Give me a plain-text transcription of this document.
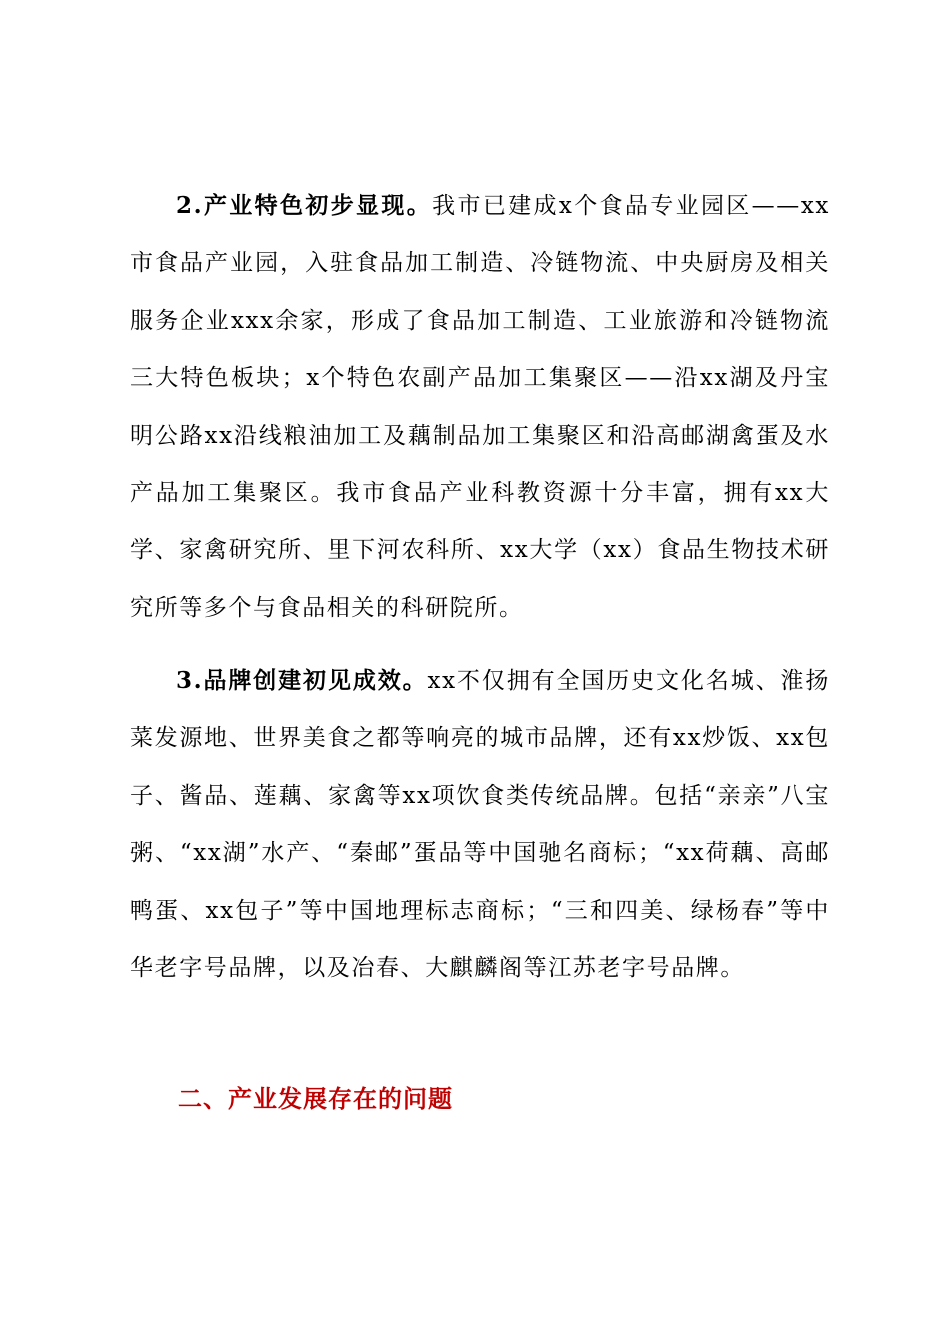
2.产业特色初步显现。我市已建成x个食品专业园区——xx市食品产业园，入驻食品加工制造、冷链物流、中央厨房及相关服务企业xxx余家，形成了食品加工制造、工业旅游和冷链物流三大特色板块；x个特色农副产品加工集聚区——沿xx湖及丹宝明公路xx沿线粮油加工及藕制品加工集聚区和沿高邮湖禽蛋及水产品加工集聚区。我市食品产业科教资源十分丰富，拥有xx大学、家禽研究所、里下河农科所、xx大学（xx）食品生物技术研究所等多个与食品相关的科研院所。

3.品牌创建初见成效。xx不仅拥有全国历史文化名城、淮扬菜发源地、世界美食之都等响亮的城市品牌，还有xx炒饭、xx包子、酱品、莲藕、家禽等xx项饮食类传统品牌。包括“亲亲”八宝粥、“xx湖”水产、“秦邮”蛋品等中国驰名商标；“xx荷藕、高邮鸭蛋、xx包子”等中国地理标志商标；“三和四美、绿杨春”等中华老字号品牌，以及冶春、大麒麟阁等江苏老字号品牌。

二、产业发展存在的问题
